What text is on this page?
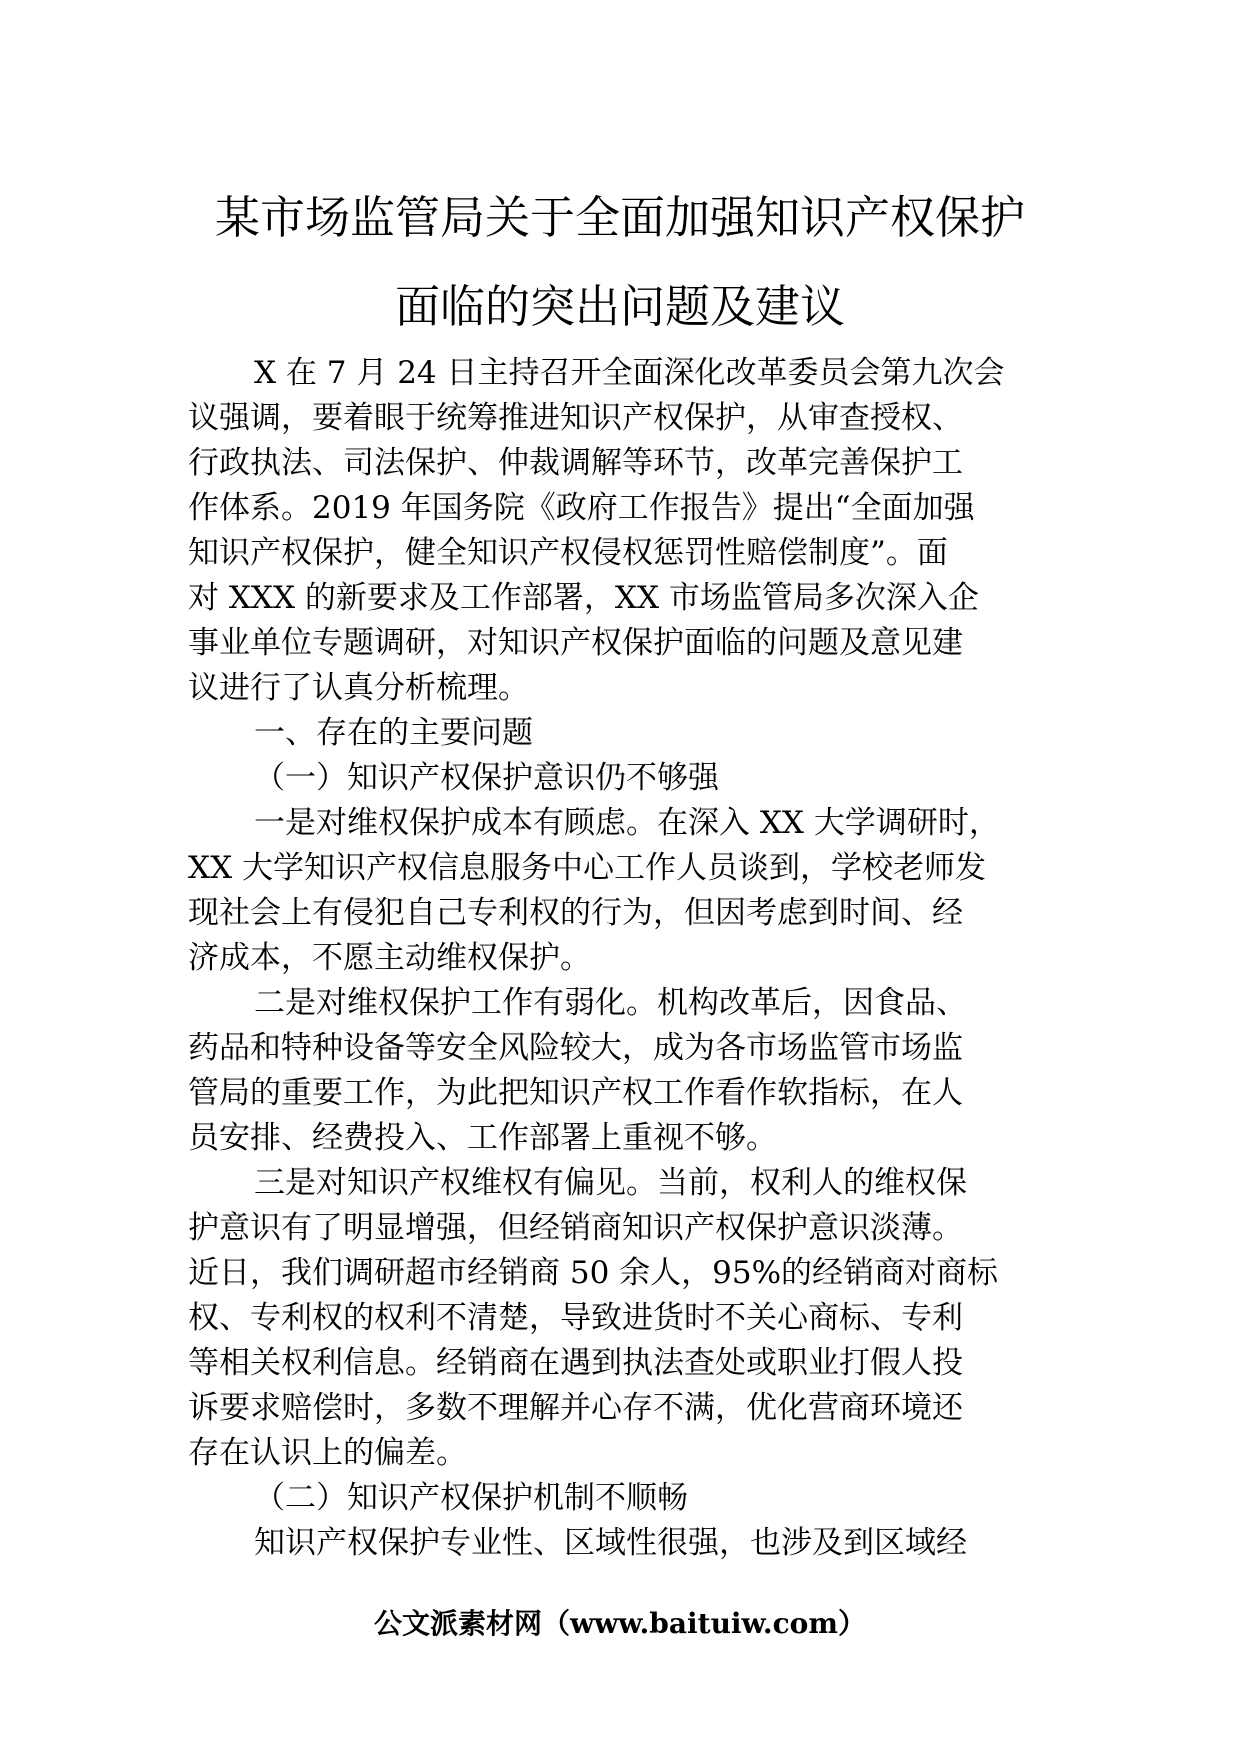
某市场监管局关于全面加强知识产权保护
面临的突出问题及建议
X 在 7 月 24 日主持召开全面深化改革委员会第九次会
议强调，要着眼于统筹推进知识产权保护，从审查授权、
行政执法、司法保护、仲裁调解等环节，改革完善保护工
作体系。2019 年国务院《政府工作报告》提出“全面加强
知识产权保护，健全知识产权侵权惩罚性赔偿制度”。面
对 XXX 的新要求及工作部署，XX 市场监管局多次深入企
事业单位专题调研，对知识产权保护面临的问题及意见建
议进行了认真分析梳理。
一、存在的主要问题
（一）知识产权保护意识仍不够强
一是对维权保护成本有顾虑。在深入 XX 大学调研时，
XX 大学知识产权信息服务中心工作人员谈到，学校老师发
现社会上有侵犯自己专利权的行为，但因考虑到时间、经
济成本，不愿主动维权保护。
二是对维权保护工作有弱化。机构改革后，因食品、
药品和特种设备等安全风险较大，成为各市场监管市场监
管局的重要工作，为此把知识产权工作看作软指标，在人
员安排、经费投入、工作部署上重视不够。
三是对知识产权维权有偏见。当前，权利人的维权保
护意识有了明显增强，但经销商知识产权保护意识淡薄。
近日，我们调研超市经销商 50 余人，95%的经销商对商标
权、专利权的权利不清楚，导致进货时不关心商标、专利
等相关权利信息。经销商在遇到执法查处或职业打假人投
诉要求赔偿时，多数不理解并心存不满，优化营商环境还
存在认识上的偏差。
（二）知识产权保护机制不顺畅
知识产权保护专业性、区域性很强，也涉及到区域经
公文派素材网（www.baituiw.com）
